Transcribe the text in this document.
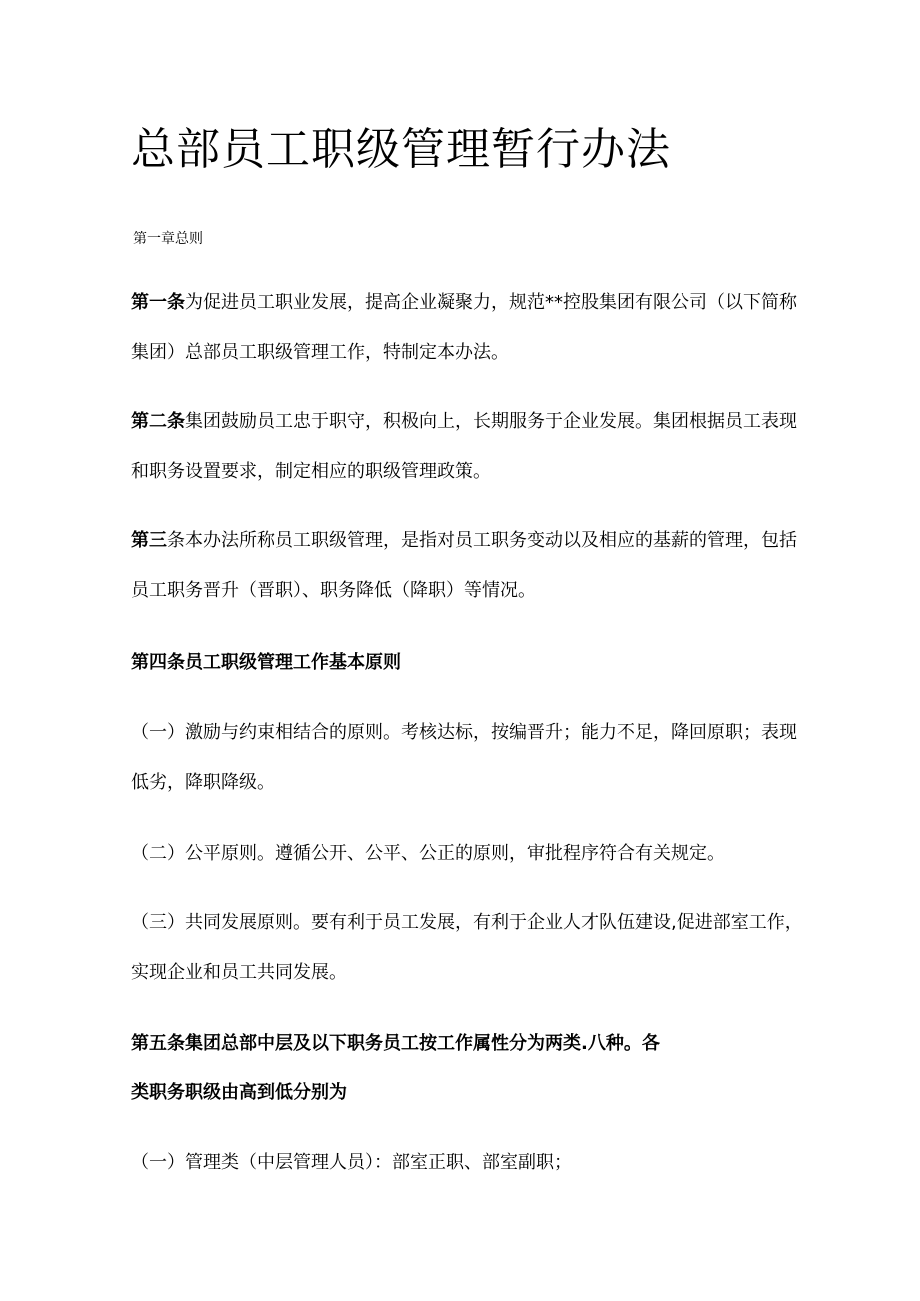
总部员工职级管理暂行办法
第一章总则

第一条为促进员工职业发展，提高企业凝聚力，规范**控股集团有限公司（以下简称集团）总部员工职级管理工作，特制定本办法。

第二条集团鼓励员工忠于职守，积极向上，长期服务于企业发展。集团根据员工表现和职务设置要求，制定相应的职级管理政策。

第三条本办法所称员工职级管理，是指对员工职务变动以及相应的基薪的管理，包括员工职务晋升（晋职）、职务降低（降职）等情况。

第四条员工职级管理工作基本原则

（一）激励与约束相结合的原则。考核达标，按编晋升；能力不足，降回原职；表现低劣，降职降级。

（二）公平原则。遵循公开、公平、公正的原则，审批程序符合有关规定。

（三）共同发展原则。要有利于员工发展，有利于企业人才队伍建设,促进部室工作，实现企业和员工共同发展。

第五条集团总部中层及以下职务员工按工作属性分为两类.八种。各

类职务职级由高到低分别为

（一）管理类（中层管理人员）：部室正职、部室副职；
